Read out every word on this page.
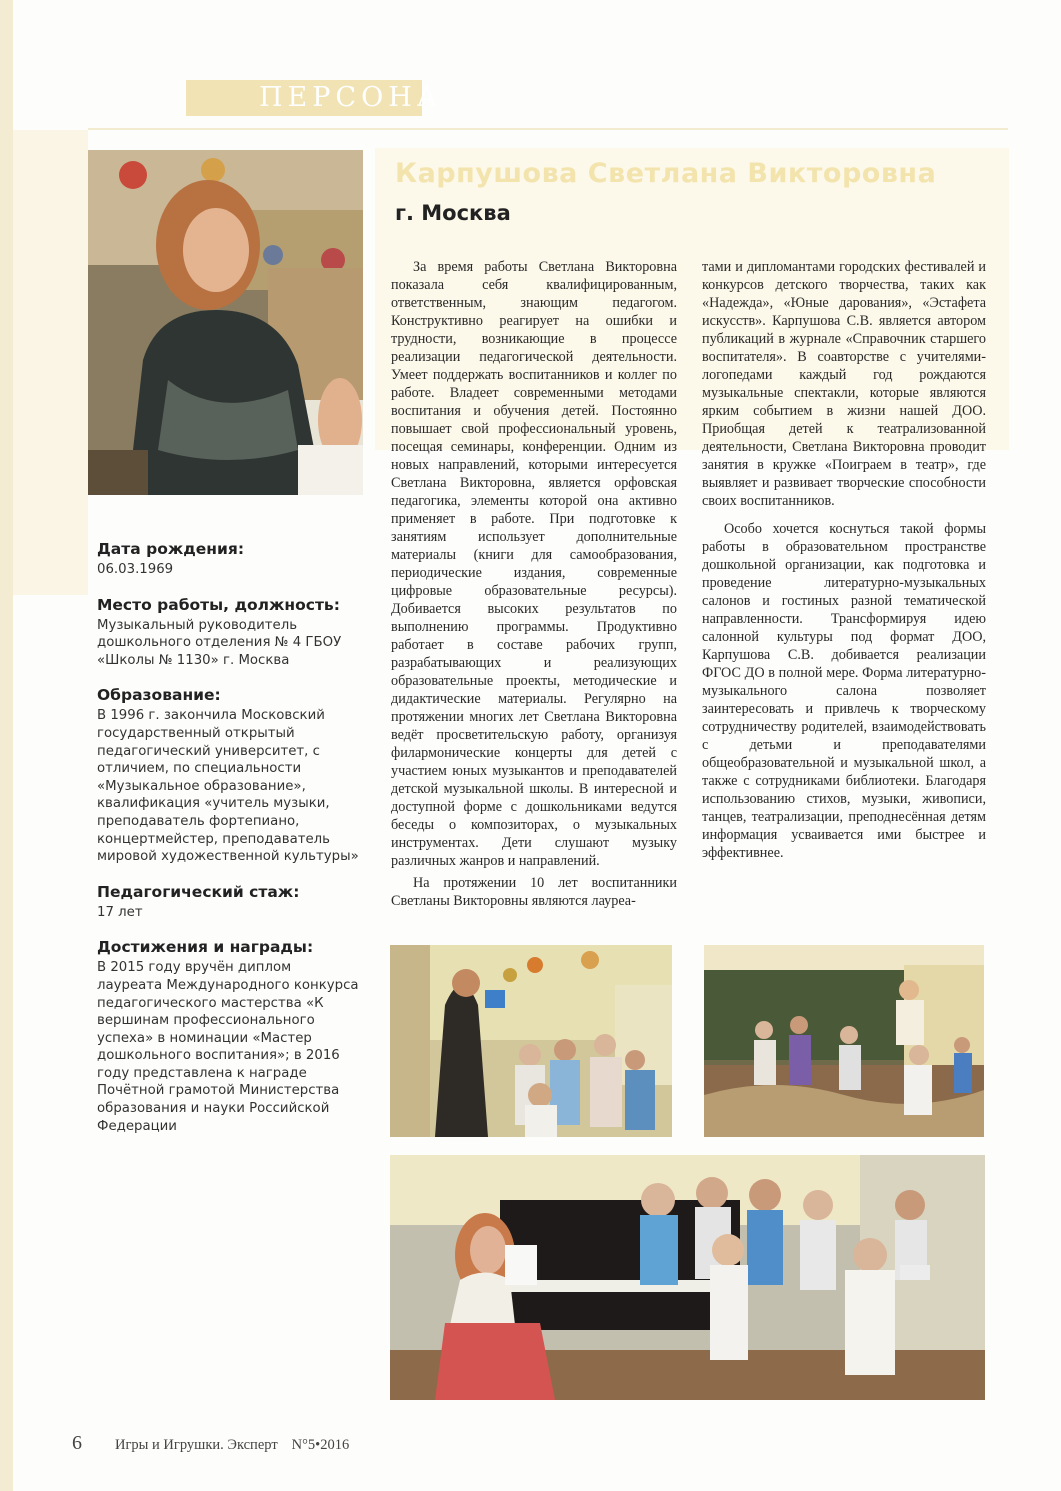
ПЕРСОНА
Карпушова Светлана Викторовна
г. Москва

За время работы Светлана Викторовна показала себя квалифицированным, ответственным, знающим педагогом. Конструктивно реагирует на ошибки и трудности, возникающие в процессе реализации педагогической деятельности. Умеет поддержать воспитанников и коллег по работе. Владеет современными методами воспитания и обучения детей. Постоянно повышает свой профессиональный уровень, посещая семинары, конференции. Одним из новых направлений, которыми интересуется Светлана Викторовна, является орфовская педагогика, элементы которой она активно применяет в работе. При подготовке к занятиям использует дополнительные материалы (книги для самообразования, периодические издания, современные цифровые образовательные ресурсы). Добивается высоких результатов по выполнению программы. Продуктивно работает в составе рабочих групп, разрабатывающих и реализующих образовательные проекты, методические и дидактические материалы. Регулярно на протяжении многих лет Светлана Викторовна ведёт просветительскую работу, организуя филармонические концерты для детей с участием юных музыкантов и преподавателей детской музыкальной школы. В интересной и доступной форме с дошкольниками ведутся беседы о композиторах, о музыкальных инструментах. Дети слушают музыку различных жанров и направлений.

На протяжении 10 лет воспитанники Светланы Викторовны являются лауреа-

тами и дипломантами городских фестивалей и конкурсов детского творчества, таких как «Надежда», «Юные дарования», «Эстафета искусств». Карпушова С.В. является автором публикаций в журнале «Справочник старшего воспитателя». В соавторстве с учителями-логопедами каждый год рождаются музыкальные спектакли, которые являются ярким событием в жизни нашей ДОО. Приобщая детей к театрализованной деятельности, Светлана Викторовна проводит занятия в кружке «Поиграем в театр», где выявляет и развивает творческие способности своих воспитанников.

Особо хочется коснуться такой формы работы в образовательном пространстве дошкольной организации, как подготовка и проведение литературно-музыкальных салонов и гостиных разной тематической направленности. Трансформируя идею салонной культуры под формат ДОО, Карпушова С.В. добивается реализации ФГОС ДО в полной мере. Форма литературно-музыкального салона позволяет заинтересовать и привлечь к творческому сотрудничеству родителей, взаимодействовать с детьми и преподавателями общеобразовательной и музыкальной школ, а также с сотрудниками библиотеки. Благодаря использованию стихов, музыки, живописи, танцев, театрализации, преподнесённая детям информация усваивается ими быстрее и эффективнее.

Дата рождения:
06.03.1969
Место работы, должность:
Музыкальный руководитель дошкольного отделения № 4 ГБОУ «Школы № 1130» г. Москва
Образование:
В 1996 г. закончила Московский государственный открытый педагогический университет, с отличием, по специальности «Музыкальное образование», квалификация «учитель музыки, преподаватель фортепиано, концертмейстер, преподаватель мировой художественной культуры»
Педагогический стаж:
17 лет
Достижения и награды:
В 2015 году вручён диплом лауреата Международного конкурса педагогического мастерства «К вершинам профессионального успеха» в номинации «Мастер дошкольного воспитания»; в 2016 году представлена к награде Почётной грамотой Министерства образования и науки Российской Федерации
6 Игры и Игрушки. Эксперт N°5•2016
